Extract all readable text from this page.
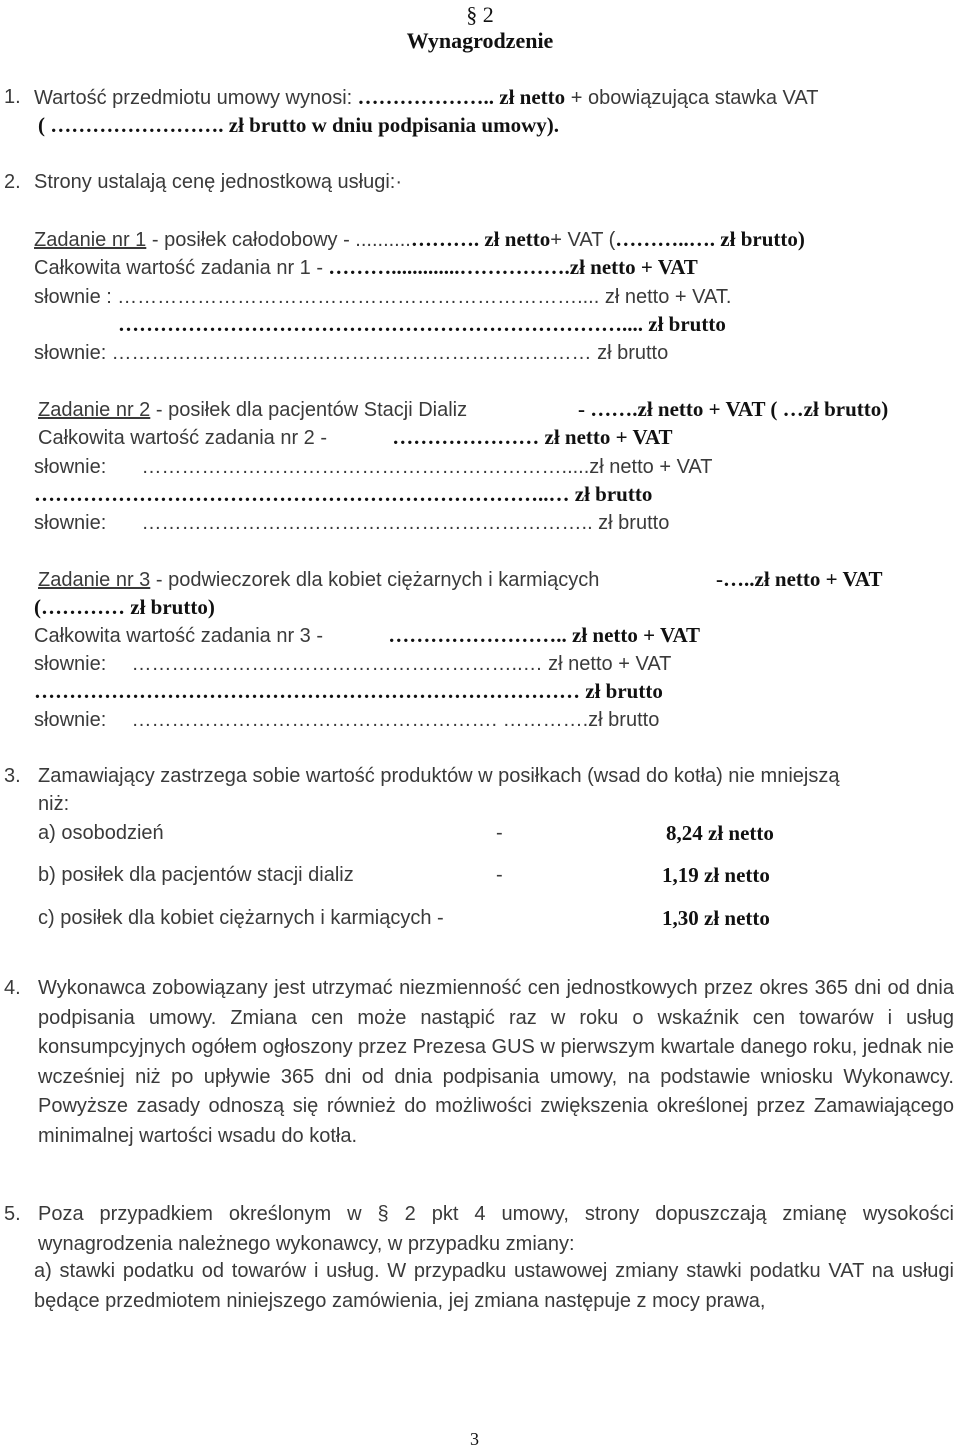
§ 2
Wynagrodzenie
1. Wartość przedmiotu umowy wynosi: ……………….. zł netto + obowiązująca stawka VAT
( ……………………. zł brutto w dniu podpisania umowy).
2. Strony ustalają cenę jednostkową usługi:·
Zadanie nr 1 - posiłek całodobowy - ..........………. zł netto+ VAT (………..…. zł brutto)
Całkowita wartość zadania nr 1 - ……….............…………….zł netto + VAT
słownie : …………………………………………………………….... zł netto + VAT.
……………………………………………………………….... zł brutto
słownie: ……………………………………………………………… zł brutto
Zadanie nr 2 - posiłek dla pacjentów Stacji Dializ	- …….zł netto + VAT ( …zł brutto)
Całkowita wartość zadania nr 2 -	………………… zł netto + VAT
słownie: ……………………………………………………….....zł netto + VAT
………………………………………………………………..… zł brutto
słownie: ………………………………………………………….. zł brutto
Zadanie nr 3 - podwieczorek dla kobiet ciężarnych i karmiących	-…..zł netto + VAT
(………… zł brutto)
Całkowita wartość zadania nr 3 -	…………………….. zł netto + VAT
słownie: …………………………………………………..… zł netto + VAT
…………………………………………………………………… zł brutto
słownie: ………………………………………………. ………….zł brutto
3. Zamawiający zastrzega sobie wartość produktów w posiłkach (wsad do kotła) nie mniejszą
niż:
a) osobodzień	-	8,24 zł netto
b) posiłek dla pacjentów stacji dializ	-	1,19 zł netto
c) posiłek dla kobiet ciężarnych i karmiących -	1,30 zł netto
4. Wykonawca zobowiązany jest utrzymać niezmienność cen jednostkowych przez okres 365 dni od dnia podpisania umowy. Zmiana cen może nastąpić raz w roku o wskaźnik cen towarów i usług konsumpcyjnych ogółem ogłoszony przez Prezesa GUS w pierwszym kwartale danego roku, jednak nie wcześniej niż po upływie 365 dni od dnia podpisania umowy, na podstawie wniosku Wykonawcy. Powyższe zasady odnoszą się również do możliwości zwiększenia określonej przez Zamawiającego minimalnej wartości wsadu do kotła.
5. Poza przypadkiem określonym w § 2 pkt 4 umowy, strony dopuszczają zmianę wysokości wynagrodzenia należnego wykonawcy, w przypadku zmiany:
a) stawki podatku od towarów i usług. W przypadku ustawowej zmiany stawki podatku VAT na usługi będące przedmiotem niniejszego zamówienia, jej zmiana następuje z mocy prawa,
3
